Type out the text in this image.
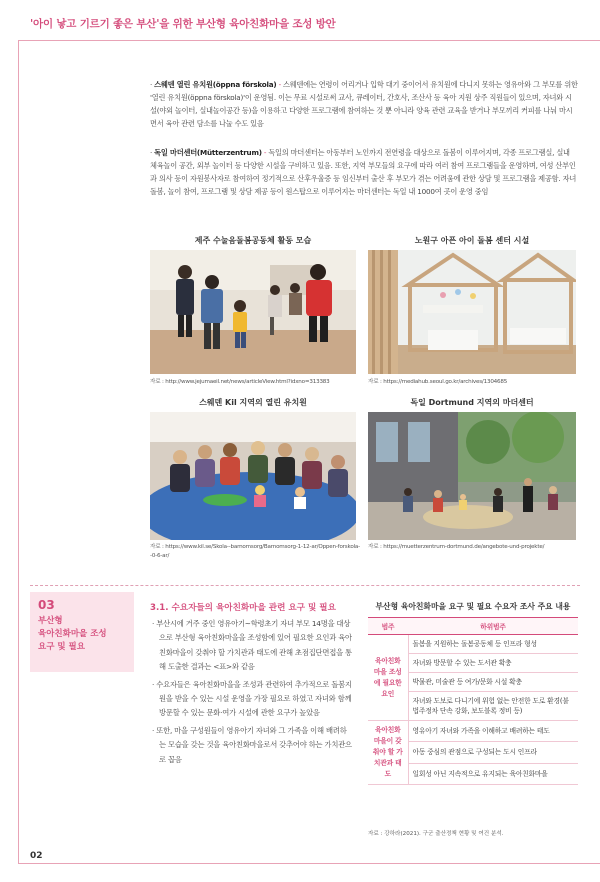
'아이 낳고 기르기 좋은 부산'을 위한 부산형 육아친화마을 조성 방안
· 스웨덴 열린 유치원(öppna förskola) - 스웨덴에는 연령이 어리거나 입학 대기 중이어서 유치원에 다니지 못하는 영유아와 그 부모를 위한 '열린 유치원(öppna förskola)'이 운영됨. 이는 무료 시설로써 교사, 큐레이터, 간호사, 조산사 등 육아 지원 상주 직원들이 있으며, 자녀와 시설(야외 놀이터, 실내놀이공간 등)을 이용하고 다양한 프로그램에 참여하는 것 뿐 아니라 양육 관련 교육을 받거나 부모끼리 커피를 나눠 마시면서 육아 관련 담소를 나눌 수도 있음
· 독일 마더센터(Mütterzentrum) - 독일의 마더센터는 아동부터 노인까지 전연령을 대상으로 돌봄이 이루어지며, 각종 프로그램실, 실내 체육놀이 공간, 외부 놀이터 등 다양한 시설을 구비하고 있음. 또한, 지역 부모들의 요구에 따라 여러 참여 프로그램들을 운영하며, 여성 산부인과 의사 등이 자원봉사자로 참여하여 정기적으로 산후우울증 등 임신부터 출산 후 부모가 겪는 어려움에 관한 상담 및 프로그램을 제공함. 자녀 돌봄, 놀이 참여, 프로그램 및 상담 제공 등이 원스탑으로 이루어지는 마더센터는 독일 내 1000여 곳이 운영 중임
제주 수눌음돌봄공동체 활동 모습
자료 : http://www.jejumaeil.net/news/articleView.html?idxno=313383
노원구 아픈 아이 돌봄 센터 시설
자료 : https://mediahub.seoul.go.kr/archives/1304685
스웨덴 Kil 지역의 열린 유치원
자료 : https://www.kil.se/Skola--barnomsorg/Barnomsorg-1-12-ar/Oppen-forskola--0-6-ar/
독일 Dortmund 지역의 마더센터
자료 : https://muetterzentrum-dortmund.de/angebote-und-projekte/
03
부산형
육아친화마을 조성
요구 및 필요
3.1. 수요자들의 육아친화마을 관련 요구 및 필요

· 부산시에 거주 중인 영유아기~학령초기 자녀 부모 14명을 대상으로 부산형 육아친화마을을 조성함에 있어 필요한 요인과 육아친화마을이 갖춰야 할 가치관과 태도에 관해 초점집단면접을 통해 도출한 결과는 <표>와 같음

· 수요자들은 육아친화마을을 조성과 관련하여 추가적으로 돌봄지원을 받을 수 있는 시설 운영을 가장 필요로 하였고 자녀와 함께 방문할 수 있는 문화·여가 시설에 관한 요구가 높았음

· 또한, 마을 구성원들이 영유아기 자녀와 그 가족을 이해 배려하는 모습을 갖는 것을 육아친화마을로서 갖추어야 하는 가치관으로 꼽음

부산형 육아친화마을 요구 및 필요 수요자 조사 주요 내용
범주	하위범주
육아친화 마을 조성에 필요한 요인	돌봄을 지원하는 돌봄공동체 등 인프라 형성
	자녀와 방문할 수 있는 도서관 확충
	박물관, 미술관 등 여가/문화 시설 확충
	자녀와 도보로 다니기에 위험 없는 안전한 도로 환경(불법주정차 단속 강화, 보도블록 정비 등)
육아친화 마을이 갖춰야 할 가치관과 태도	영유아기 자녀와 가족을 이해하고 배려하는 태도
	아동 중심의 관점으로 구성되는 도시 인프라
	일회성 아닌 지속적으로 유지되는 육아친화마을
자료 : 강하라(2021). 구군 출산정책 현황 및 여건 분석.
02
